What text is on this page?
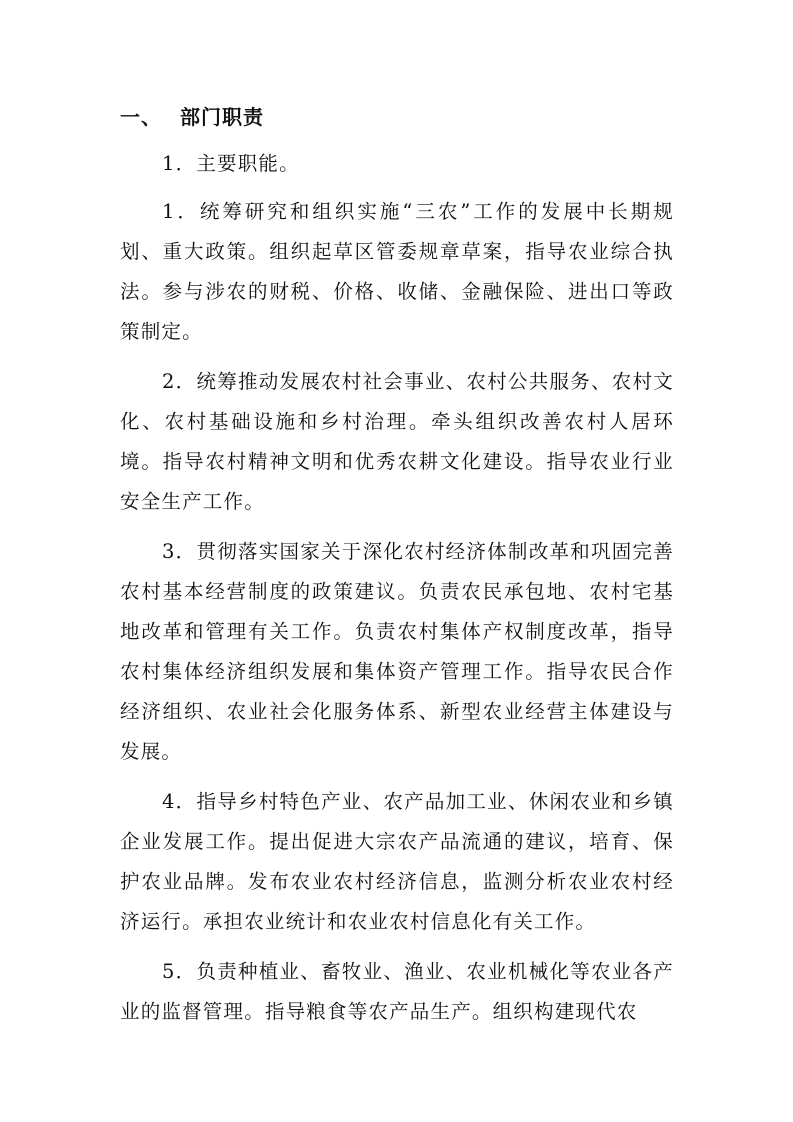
一、 部门职责

1．主要职能。

1．统筹研究和组织实施“三农”工作的发展中长期规划、重大政策。组织起草区管委规章草案，指导农业综合执法。参与涉农的财税、价格、收储、金融保险、进出口等政策制定。

2．统筹推动发展农村社会事业、农村公共服务、农村文化、农村基础设施和乡村治理。牵头组织改善农村人居环境。指导农村精神文明和优秀农耕文化建设。指导农业行业安全生产工作。

3．贯彻落实国家关于深化农村经济体制改革和巩固完善农村基本经营制度的政策建议。负责农民承包地、农村宅基地改革和管理有关工作。负责农村集体产权制度改革，指导农村集体经济组织发展和集体资产管理工作。指导农民合作经济组织、农业社会化服务体系、新型农业经营主体建设与发展。

4．指导乡村特色产业、农产品加工业、休闲农业和乡镇企业发展工作。提出促进大宗农产品流通的建议，培育、保护农业品牌。发布农业农村经济信息，监测分析农业农村经济运行。承担农业统计和农业农村信息化有关工作。

5．负责种植业、畜牧业、渔业、农业机械化等农业各产业的监督管理。指导粮食等农产品生产。组织构建现代农
